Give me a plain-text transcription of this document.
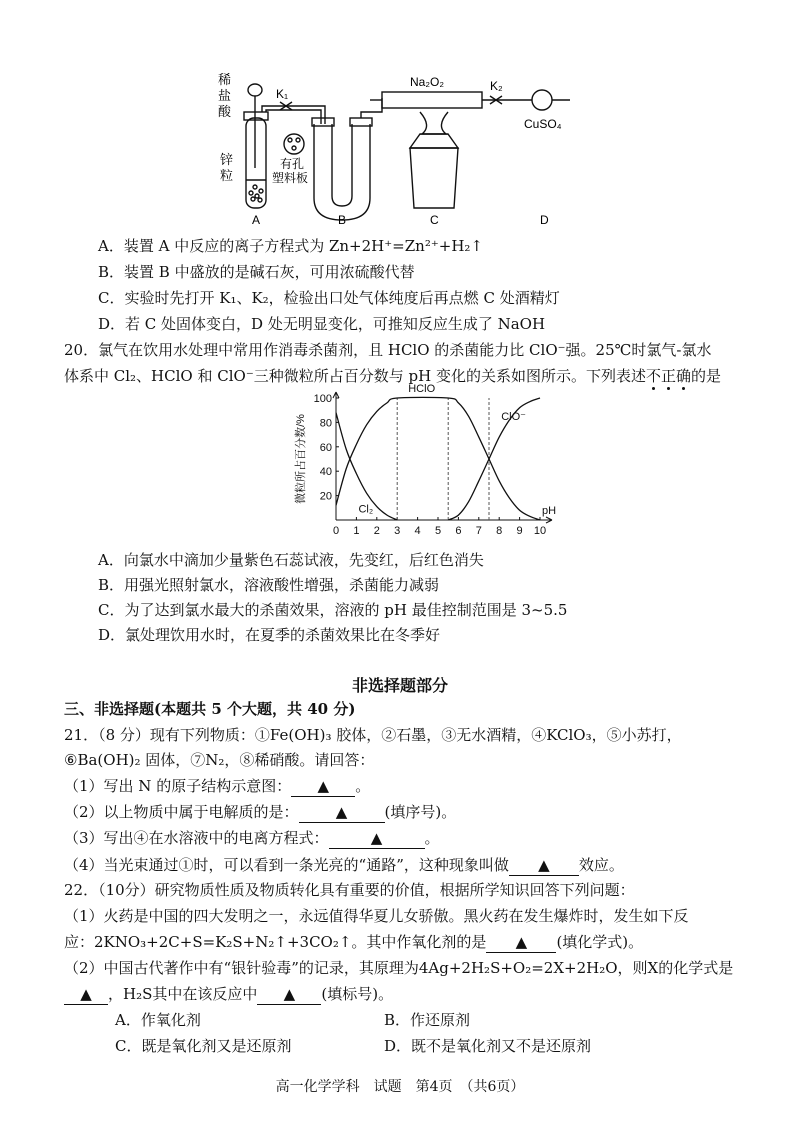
稀
盐
酸
锌
粒
K₁
有孔
塑料板
Na₂O₂	K₂
CuSO₄
A	B	C	D
A．装置 A 中反应的离子方程式为 Zn+2H⁺=Zn²⁺+H₂↑
B．装置 B 中盛放的是碱石灰，可用浓硫酸代替
C．实验时先打开 K₁、K₂，检验出口处气体纯度后再点燃 C 处酒精灯
D．若 C 处固体变白，D 处无明显变化，可推知反应生成了 NaOH
20．氯气在饮用水处理中常用作消毒杀菌剂，且 HClO 的杀菌能力比 ClO⁻强。25℃时氯气-氯水
体系中 Cl₂、HClO 和 ClO⁻三种微粒所占百分数与 pH 变化的关系如图所示。下列表述不正确的是
0 1 2 3 4 5 6 7 8 9 10
20
40
60
80
100
HClO
ClO⁻
Cl₂	pH
微粒所占百分数/%
A．向氯水中滴加少量紫色石蕊试液，先变红，后红色消失
B．用强光照射氯水，溶液酸性增强，杀菌能力减弱
C．为了达到氯水最大的杀菌效果，溶液的 pH 最佳控制范围是 3~5.5
D．氯处理饮用水时，在夏季的杀菌效果比在冬季好
非选择题部分
三、非选择题(本题共 5 个大题，共 40 分)
21．（8 分）现有下列物质：①Fe(OH)₃ 胶体，②石墨，③无水酒精，④KClO₃，⑤小苏打，
⑥Ba(OH)₂ 固体，⑦N₂，⑧稀硝酸。请回答：
（1）写出 N 的原子结构示意图： ▲ 。
（2）以上物质中属于电解质的是： ▲ (填序号)。
（3）写出④在水溶液中的电离方程式：	▲	。
（4）当光束通过①时，可以看到一条光亮的“通路”，这种现象叫做 ▲ 效应。
22．（10分）研究物质性质及物质转化具有重要的价值，根据所学知识回答下列问题：
（1）火药是中国的四大发明之一，永远值得华夏儿女骄傲。黑火药在发生爆炸时，发生如下反
应：2KNO₃+2C+S=K₂S+N₂↑+3CO₂↑。其中作氧化剂的是 ▲ (填化学式)。
（2）中国古代著作中有“银针验毒”的记录，其原理为4Ag+2H₂S+O₂=2X+2H₂O，则X的化学式是
▲ ，H₂S其中在该反应中 ▲ (填标号)。
A．作氧化剂	B．作还原剂
C．既是氧化剂又是还原剂	D．既不是氧化剂又不是还原剂
高一化学学科　试题　第4页　（共6页）
